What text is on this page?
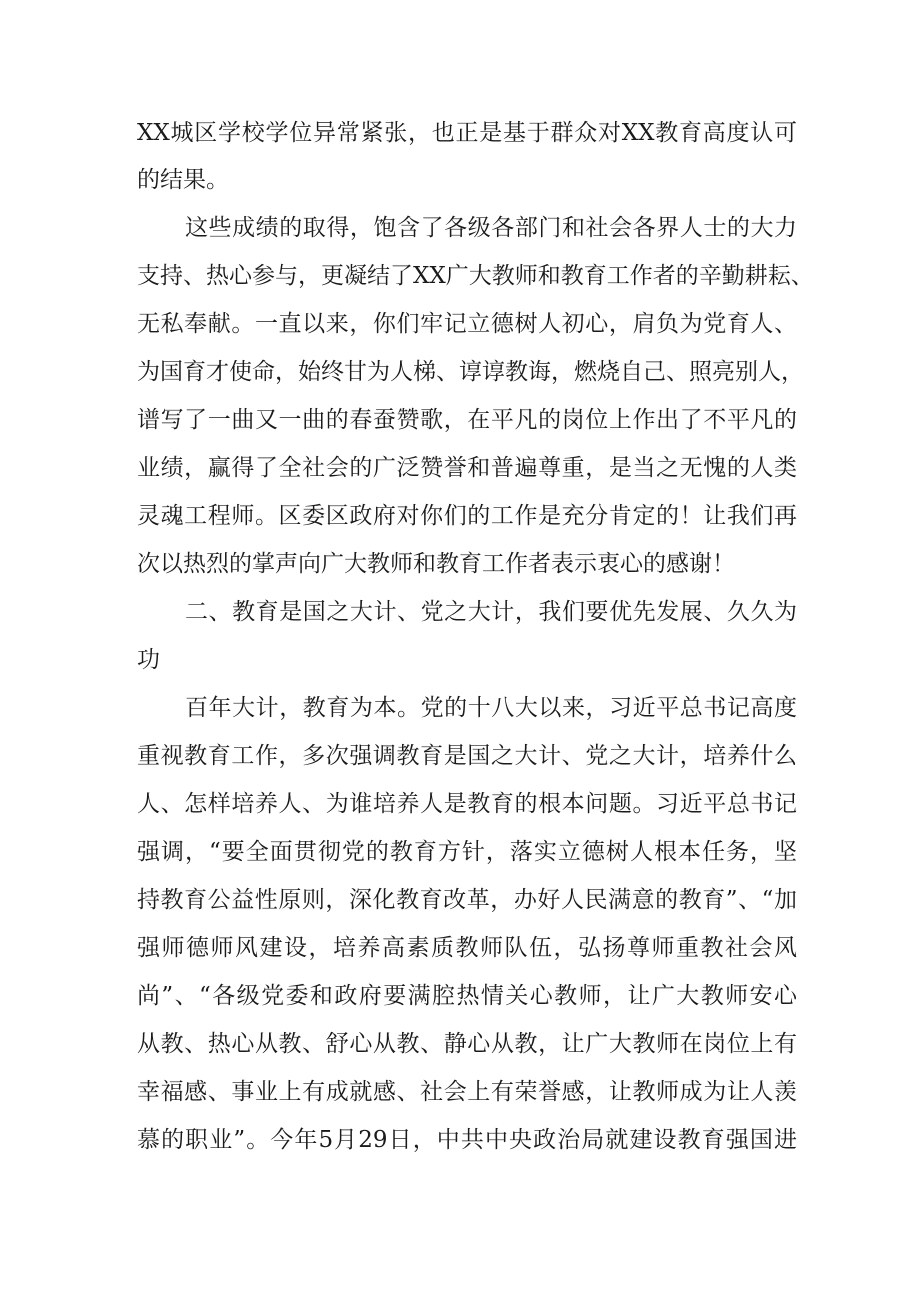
XX城区学校学位异常紧张，也正是基于群众对XX教育高度认可

的结果。

这些成绩的取得，饱含了各级各部门和社会各界人士的大力

支持、热心参与，更凝结了XX广大教师和教育工作者的辛勤耕耘、

无私奉献。一直以来，你们牢记立德树人初心，肩负为党育人、

为国育才使命，始终甘为人梯、谆谆教诲，燃烧自己、照亮别人，

谱写了一曲又一曲的春蚕赞歌，在平凡的岗位上作出了不平凡的

业绩，赢得了全社会的广泛赞誉和普遍尊重，是当之无愧的人类

灵魂工程师。区委区政府对你们的工作是充分肯定的！让我们再

次以热烈的掌声向广大教师和教育工作者表示衷心的感谢！

二、教育是国之大计、党之大计，我们要优先发展、久久为

功

百年大计，教育为本。党的十八大以来，习近平总书记高度

重视教育工作，多次强调教育是国之大计、党之大计，培养什么

人、怎样培养人、为谁培养人是教育的根本问题。习近平总书记

强调，“要全面贯彻党的教育方针，落实立德树人根本任务，坚

持教育公益性原则，深化教育改革，办好人民满意的教育”、“加

强师德师风建设，培养高素质教师队伍，弘扬尊师重教社会风

尚”、“各级党委和政府要满腔热情关心教师，让广大教师安心

从教、热心从教、舒心从教、静心从教，让广大教师在岗位上有

幸福感、事业上有成就感、社会上有荣誉感，让教师成为让人羡

慕的职业”。今年5月29日，中共中央政治局就建设教育强国进
